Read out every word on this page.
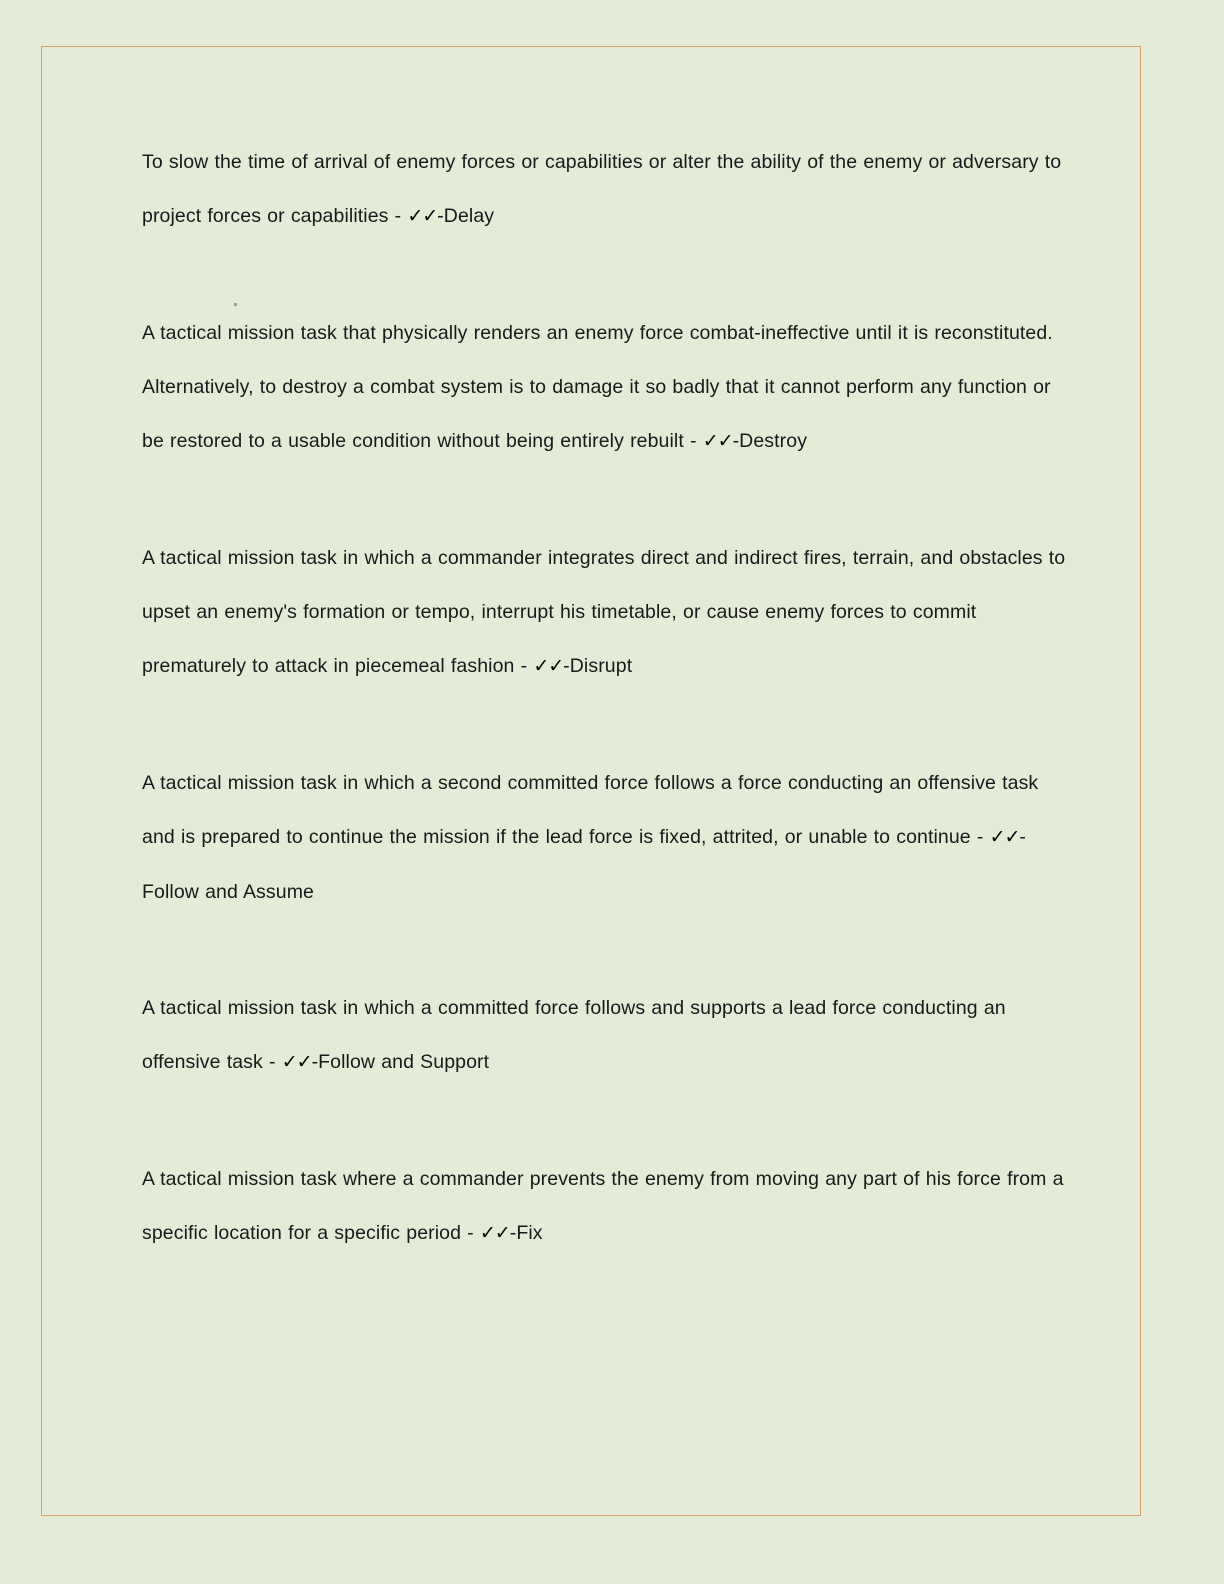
To slow the time of arrival of enemy forces or capabilities or alter the ability of the enemy or adversary to project forces or capabilities - ✓✓-Delay

A tactical mission task that physically renders an enemy force combat-ineffective until it is reconstituted. Alternatively, to destroy a combat system is to damage it so badly that it cannot perform any function or be restored to a usable condition without being entirely rebuilt - ✓✓-Destroy

A tactical mission task in which a commander integrates direct and indirect fires, terrain, and obstacles to upset an enemy's formation or tempo, interrupt his timetable, or cause enemy forces to commit prematurely to attack in piecemeal fashion - ✓✓-Disrupt

A tactical mission task in which a second committed force follows a force conducting an offensive task and is prepared to continue the mission if the lead force is fixed, attrited, or unable to continue - ✓✓-Follow and Assume

A tactical mission task in which a committed force follows and supports a lead force conducting an offensive task - ✓✓-Follow and Support

A tactical mission task where a commander prevents the enemy from moving any part of his force from a specific location for a specific period - ✓✓-Fix
